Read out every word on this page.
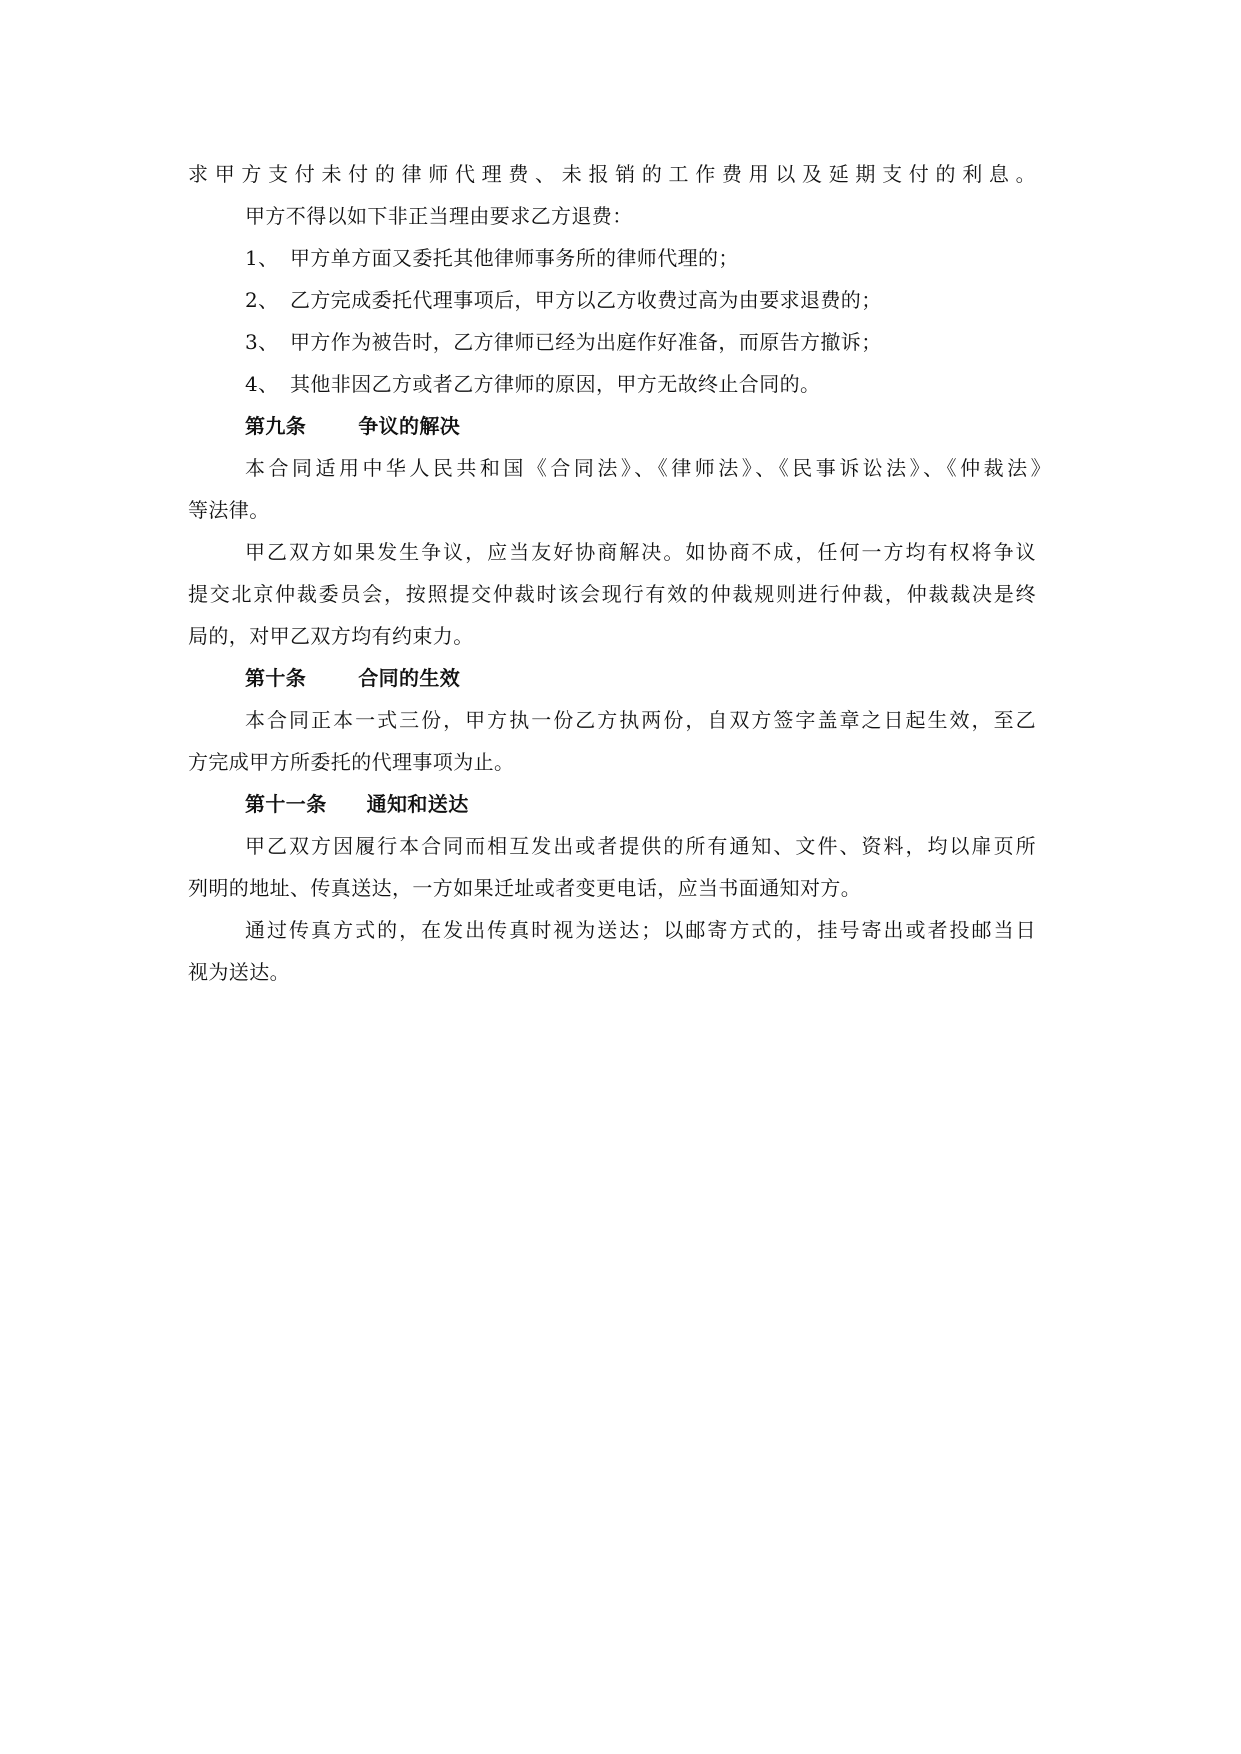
求甲方支付未付的律师代理费、未报销的工作费用以及延期支付的利息。
甲方不得以如下非正当理由要求乙方退费：
1、 甲方单方面又委托其他律师事务所的律师代理的；
2、 乙方完成委托代理事项后，甲方以乙方收费过高为由要求退费的；
3、 甲方作为被告时，乙方律师已经为出庭作好准备，而原告方撤诉；
4、 其他非因乙方或者乙方律师的原因，甲方无故终止合同的。
第九条	争议的解决
本合同适用中华人民共和国《合同法》、《律师法》、《民事诉讼法》、《仲裁法》
等法律。
甲乙双方如果发生争议，应当友好协商解决。如协商不成，任何一方均有权将争议
提交北京仲裁委员会，按照提交仲裁时该会现行有效的仲裁规则进行仲裁，仲裁裁决是终
局的，对甲乙双方均有约束力。
第十条	合同的生效
本合同正本一式三份，甲方执一份乙方执两份，自双方签字盖章之日起生效，至乙
方完成甲方所委托的代理事项为止。
第十一条 通知和送达
甲乙双方因履行本合同而相互发出或者提供的所有通知、文件、资料，均以扉页所
列明的地址、传真送达，一方如果迁址或者变更电话，应当书面通知对方。
通过传真方式的，在发出传真时视为送达；以邮寄方式的，挂号寄出或者投邮当日
视为送达。
